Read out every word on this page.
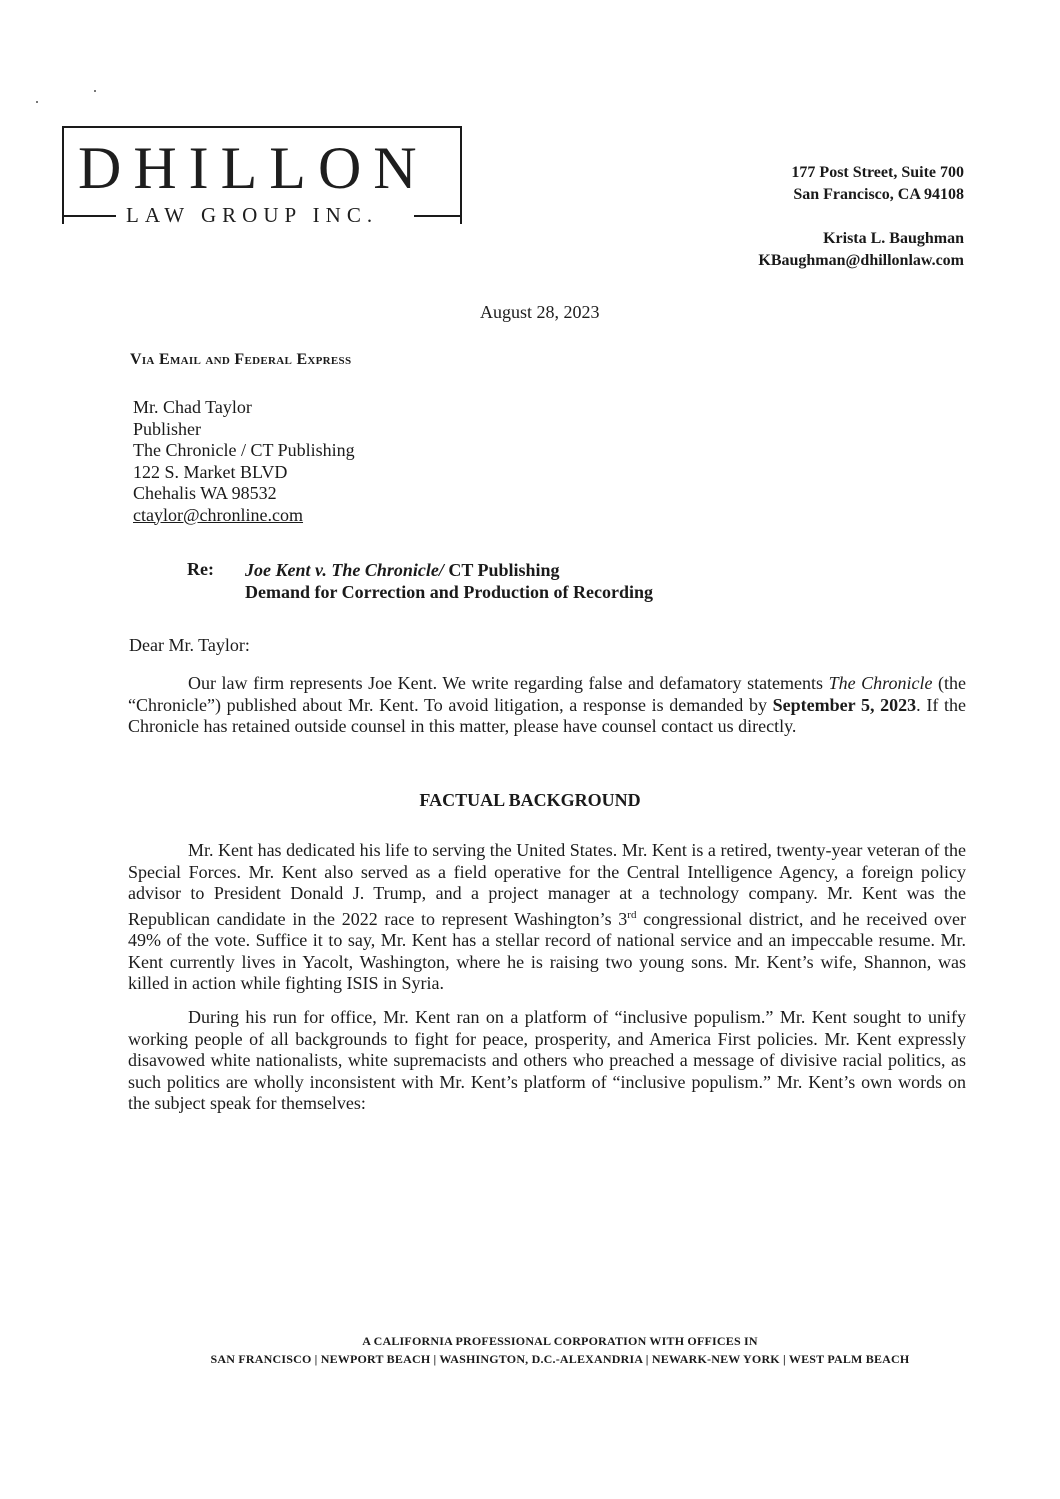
DHILLON
LAW GROUP INC.
177 Post Street, Suite 700
San Francisco, CA 94108
Krista L. Baughman
KBaughman@dhillonlaw.com
August 28, 2023
Via Email and Federal Express
Mr. Chad Taylor
Publisher
The Chronicle / CT Publishing
122 S. Market BLVD
Chehalis WA 98532
ctaylor@chronline.com
Re: Joe Kent v. The Chronicle/ CT Publishing
Demand for Correction and Production of Recording
Dear Mr. Taylor:
Our law firm represents Joe Kent. We write regarding false and defamatory statements The Chronicle (the “Chronicle”) published about Mr. Kent. To avoid litigation, a response is demanded by September 5, 2023. If the Chronicle has retained outside counsel in this matter, please have counsel contact us directly.
FACTUAL BACKGROUND
Mr. Kent has dedicated his life to serving the United States. Mr. Kent is a retired, twenty-year veteran of the Special Forces. Mr. Kent also served as a field operative for the Central Intelligence Agency, a foreign policy advisor to President Donald J. Trump, and a project manager at a technology company. Mr. Kent was the Republican candidate in the 2022 race to represent Washington’s 3rd congressional district, and he received over 49% of the vote. Suffice it to say, Mr. Kent has a stellar record of national service and an impeccable resume. Mr. Kent currently lives in Yacolt, Washington, where he is raising two young sons. Mr. Kent’s wife, Shannon, was killed in action while fighting ISIS in Syria.
During his run for office, Mr. Kent ran on a platform of “inclusive populism.” Mr. Kent sought to unify working people of all backgrounds to fight for peace, prosperity, and America First policies. Mr. Kent expressly disavowed white nationalists, white supremacists and others who preached a message of divisive racial politics, as such politics are wholly inconsistent with Mr. Kent’s platform of “inclusive populism.” Mr. Kent’s own words on the subject speak for themselves:
A CALIFORNIA PROFESSIONAL CORPORATION WITH OFFICES IN
SAN FRANCISCO | NEWPORT BEACH | WASHINGTON, D.C.-ALEXANDRIA | NEWARK-NEW YORK | WEST PALM BEACH
